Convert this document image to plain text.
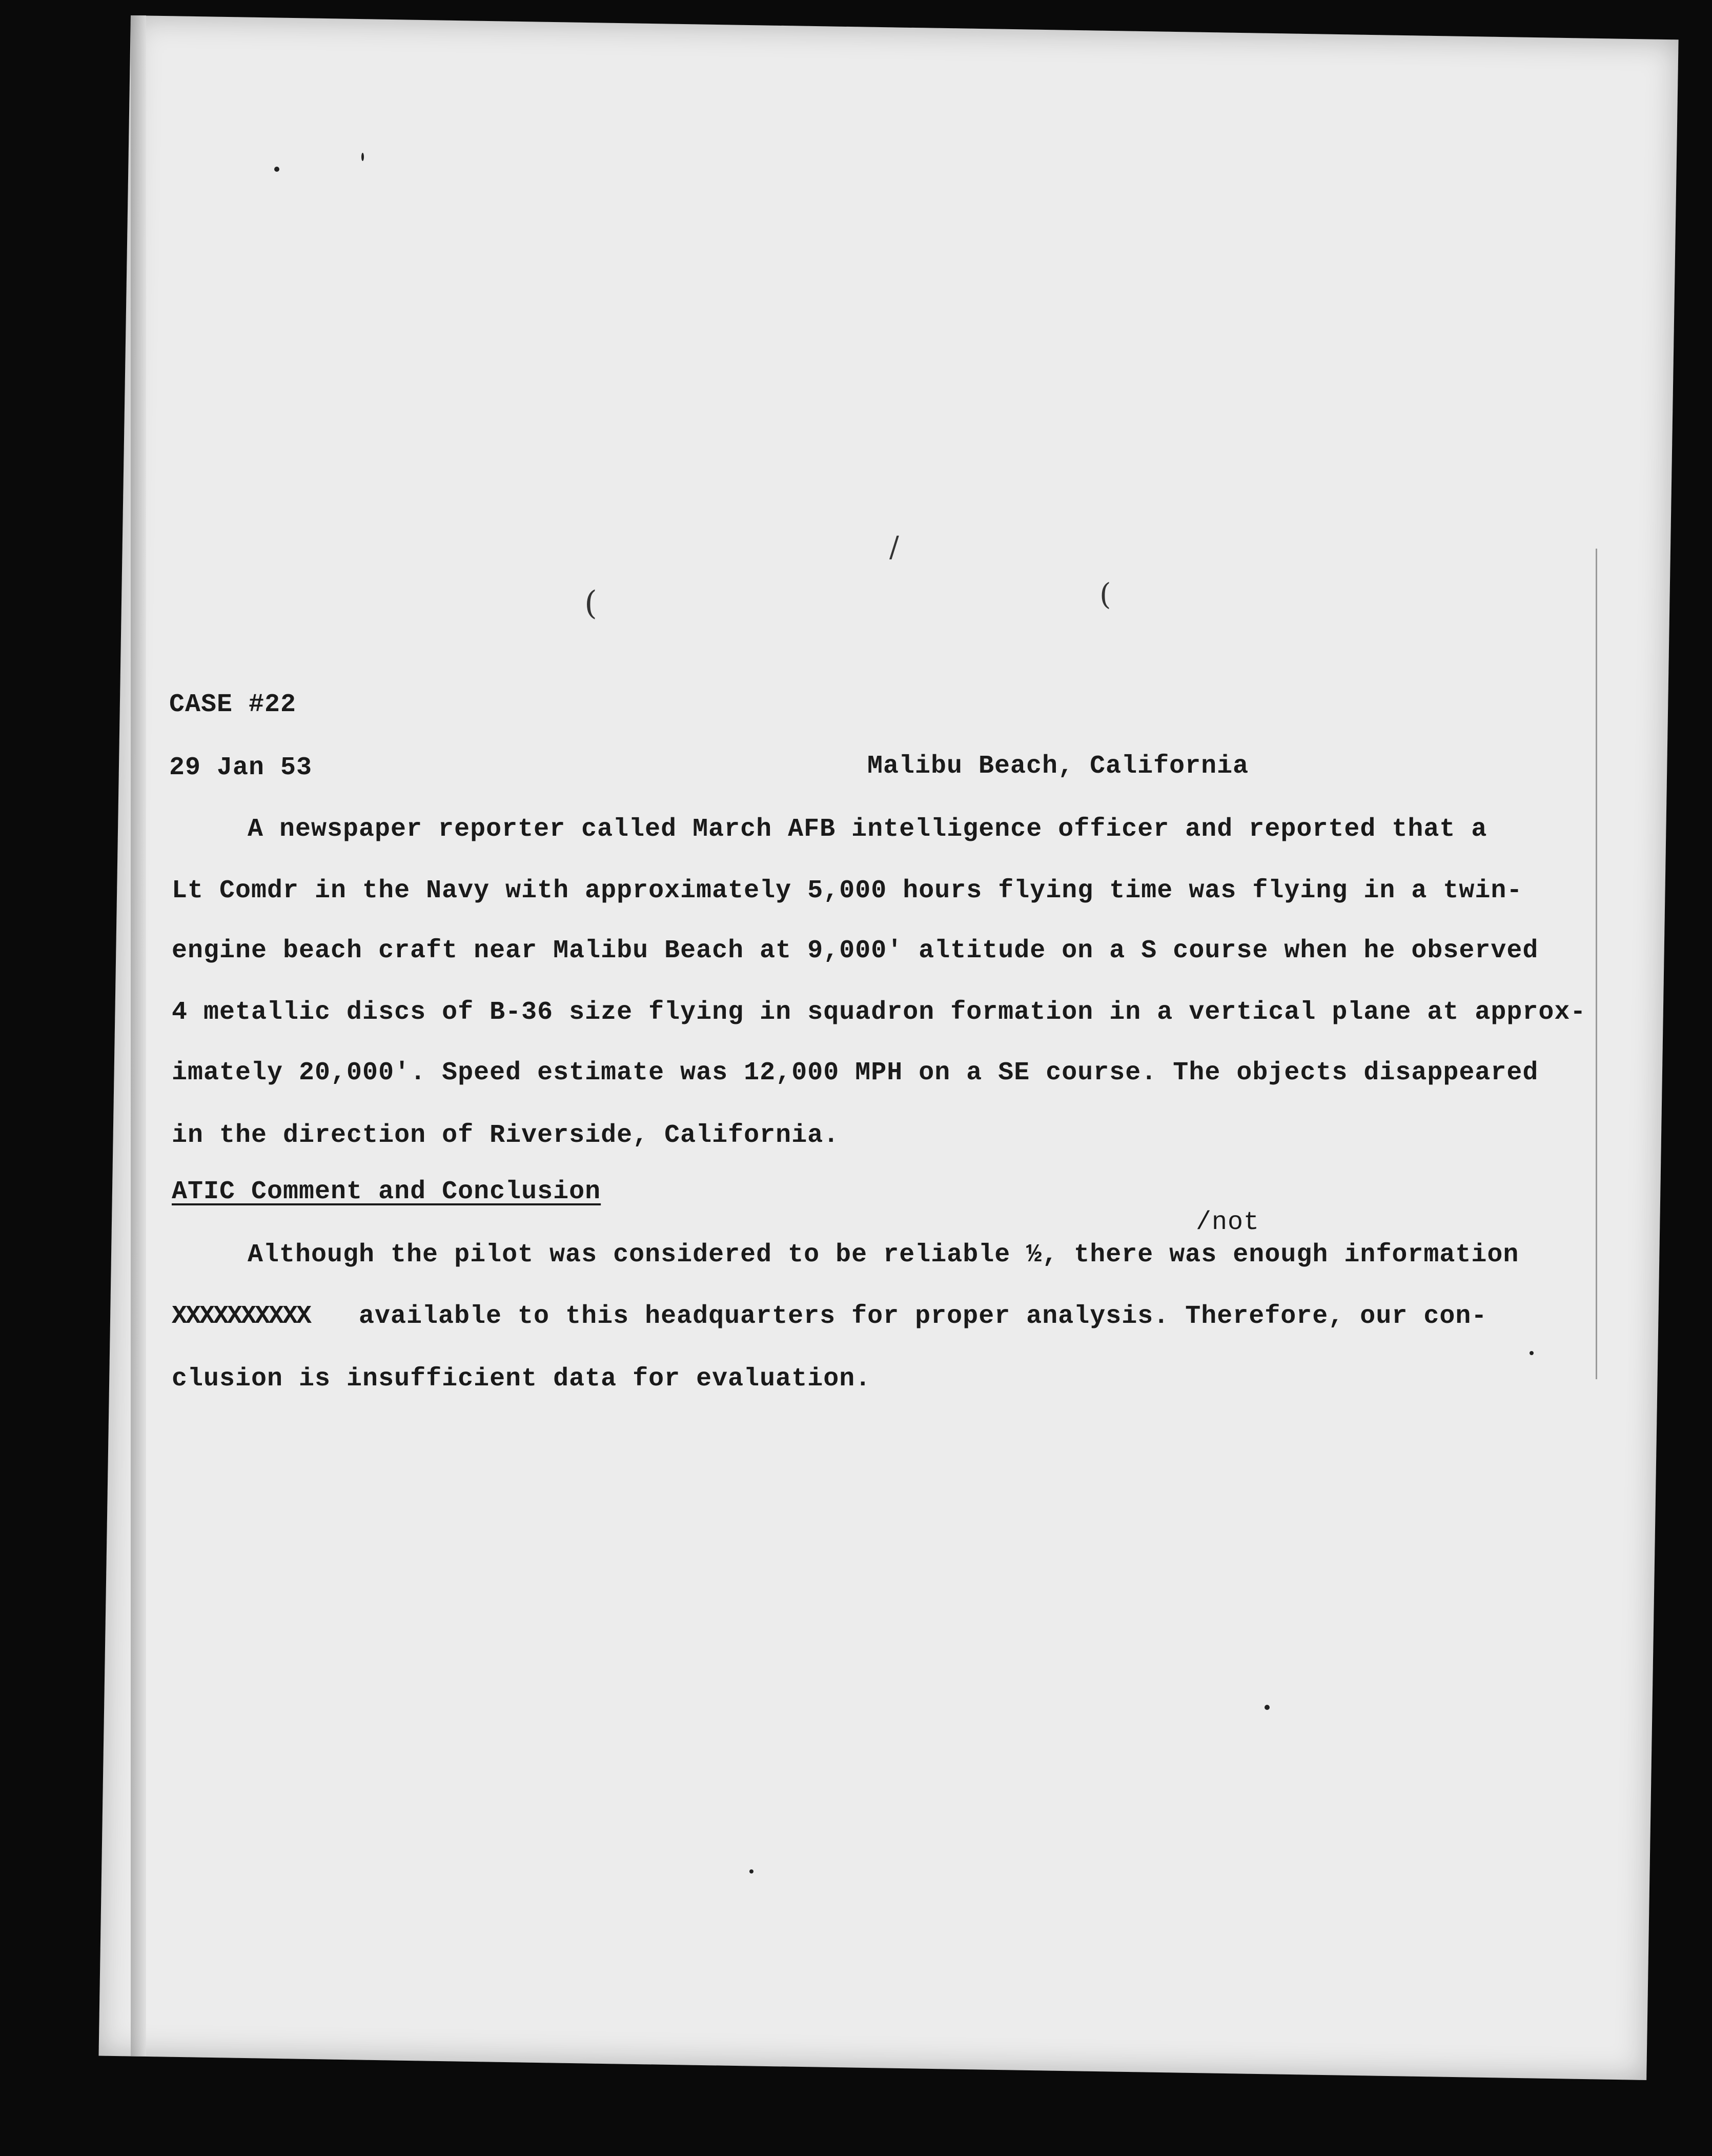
(
/
(
CASE #22
29 Jan 53	Malibu Beach, California
A newspaper reporter called March AFB intelligence officer and reported that a
Lt Comdr in the Navy with approximately 5,000 hours flying time was flying in a twin-
engine beach craft near Malibu Beach at 9,000' altitude on a S course when he observed
4 metallic discs of B-36 size flying in squadron formation in a vertical plane at approx-
imately 20,000'. Speed estimate was 12,000 MPH on a SE course. The objects disappeared
in the direction of Riverside, California.
ATIC Comment and Conclusion
/not
Although the pilot was considered to be reliable ½, there was enough information
XXXXXXXXXX available to this headquarters for proper analysis. Therefore, our con-
clusion is insufficient data for evaluation.
